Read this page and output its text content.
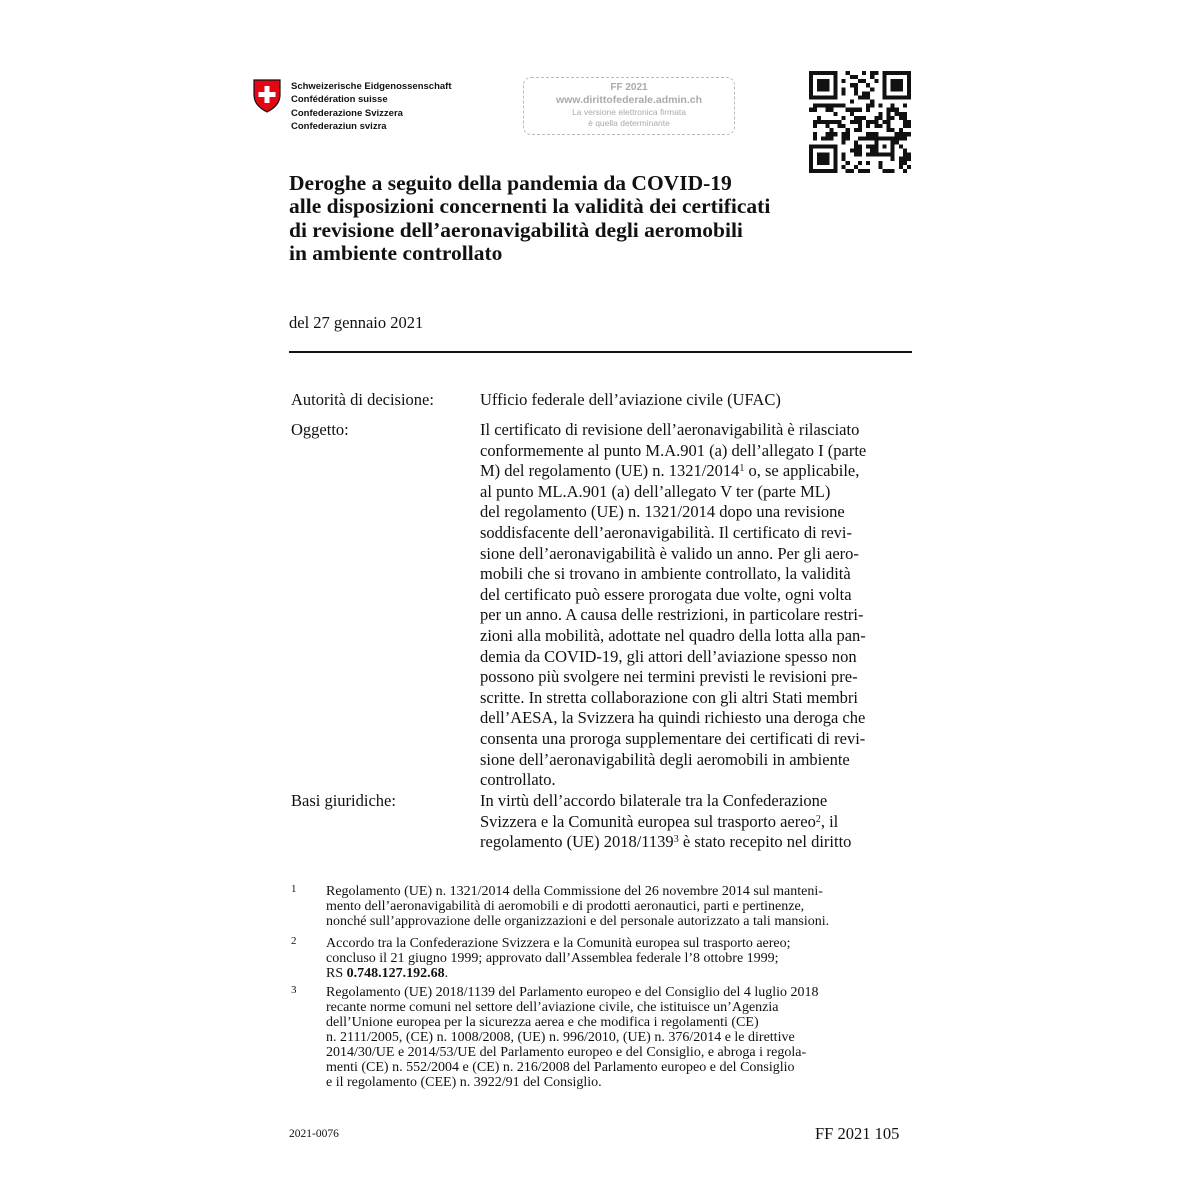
Schweizerische Eidgenossenschaft
Confédération suisse
Confederazione Svizzera
Confederaziun svizra
FF 2021
www.dirittofederale.admin.ch
La versione elettronica firmata
è quella determinante
Deroghe a seguito della pandemia da COVID-19
alle disposizioni concernenti la validità dei certificati
di revisione dell’aeronavigabilità degli aeromobili
in ambiente controllato
del 27 gennaio 2021
Autorità di decisione:	Ufficio federale dell’aviazione civile (UFAC)
Oggetto:	Il certificato di revisione dell’aeronavigabilità è rilasciato
conformemente al punto M.A.901 (a) dell’allegato I (parte
M) del regolamento (UE) n. 1321/2014$^1$ o, se applicabile,
al punto ML.A.901 (a) dell’allegato V ter (parte ML)
del regolamento (UE) n. 1321/2014 dopo una revisione
soddisfacente dell’aeronavigabilità. Il certificato di revi-
sione dell’aeronavigabilità è valido un anno. Per gli aero-
mobili che si trovano in ambiente controllato, la validità
del certificato può essere prorogata due volte, ogni volta
per un anno. A causa delle restrizioni, in particolare restri-
zioni alla mobilità, adottate nel quadro della lotta alla pan-
demia da COVID-19, gli attori dell’aviazione spesso non
possono più svolgere nei termini previsti le revisioni pre-
scritte. In stretta collaborazione con gli altri Stati membri
dell’AESA, la Svizzera ha quindi richiesto una deroga che
consenta una proroga supplementare dei certificati di revi-
sione dell’aeronavigabilità degli aeromobili in ambiente
controllato.
Basi giuridiche:	In virtù dell’accordo bilaterale tra la Confederazione
Svizzera e la Comunità europea sul trasporto aereo$^2$, il
regolamento (UE) 2018/1139$^3$ è stato recepito nel diritto
1 Regolamento (UE) n. 1321/2014 della Commissione del 26 novembre 2014 sul manteni-
mento dell’aeronavigabilità di aeromobili e di prodotti aeronautici, parti e pertinenze,
nonché sull’approvazione delle organizzazioni e del personale autorizzato a tali mansioni.
2 Accordo tra la Confederazione Svizzera e la Comunità europea sul trasporto aereo;
concluso il 21 giugno 1999; approvato dall’Assemblea federale l’8 ottobre 1999;
RS 0.748.127.192.68.
3 Regolamento (UE) 2018/1139 del Parlamento europeo e del Consiglio del 4 luglio 2018
recante norme comuni nel settore dell’aviazione civile, che istituisce un’Agenzia
dell’Unione europea per la sicurezza aerea e che modifica i regolamenti (CE)
n. 2111/2005, (CE) n. 1008/2008, (UE) n. 996/2010, (UE) n. 376/2014 e le direttive
2014/30/UE e 2014/53/UE del Parlamento europeo e del Consiglio, e abroga i regola-
menti (CE) n. 552/2004 e (CE) n. 216/2008 del Parlamento europeo e del Consiglio
e il regolamento (CEE) n. 3922/91 del Consiglio.
2021-0076	FF 2021 105
